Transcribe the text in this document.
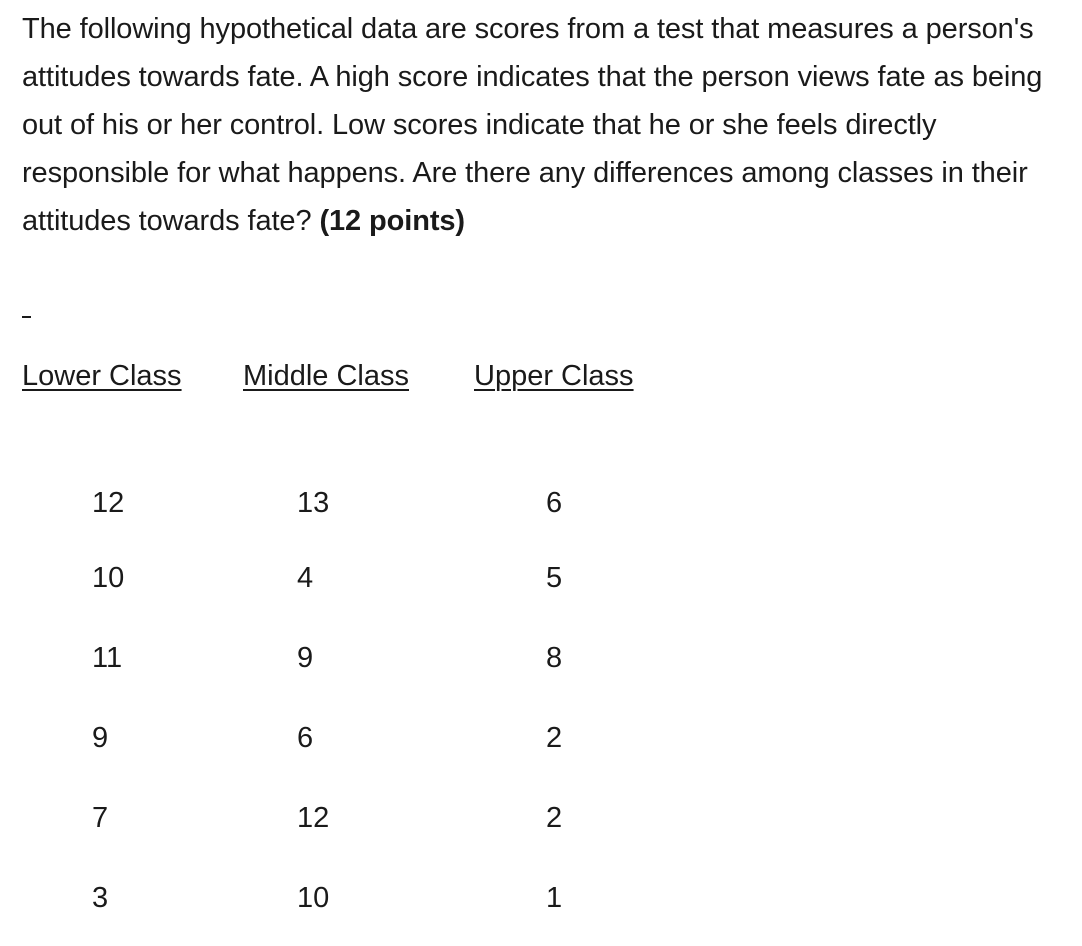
The following hypothetical data are scores from a test that measures a person's attitudes towards fate. A high score indicates that the person views fate as being out of his or her control. Low scores indicate that he or she feels directly responsible for what happens. Are there any differences among classes in their attitudes towards fate? (12 points)

Lower Class	Middle Class	Upper Class
12	13	6
10	4	5
11	9	8
9	6	2
7	12	2
3	10	1
